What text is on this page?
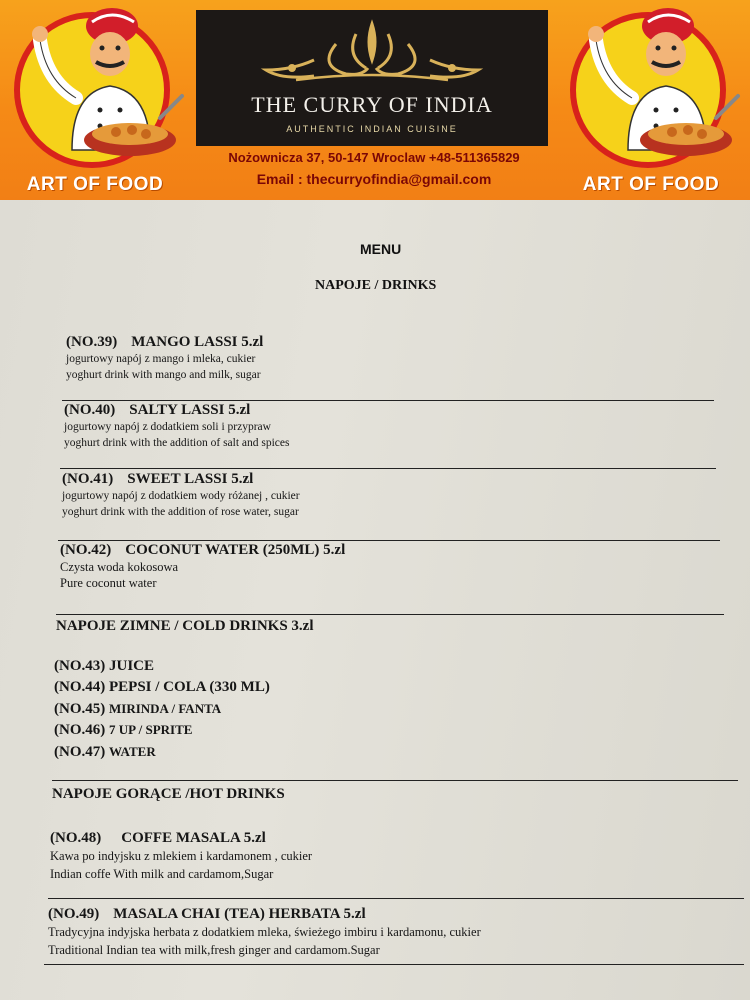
ART OF FOOD
THE CURRY OF INDIA
AUTHENTIC INDIAN CUISINE
Nożownicza 37, 50-147 Wroclaw +48-511365829
Email : thecurryofindia@gmail.com	ART OF FOOD
MENU
NAPOJE / DRINKS
(NO.39) MANGO LASSI 5.zl
jogurtowy napój z mango i mleka, cukier
yoghurt drink with mango and milk, sugar
(NO.40) SALTY LASSI 5.zl
jogurtowy napój z dodatkiem soli i przypraw
yoghurt drink with the addition of salt and spices
(NO.41) SWEET LASSI 5.zl
jogurtowy napój z dodatkiem wody różanej , cukier
yoghurt drink with the addition of rose water, sugar
(NO.42) COCONUT WATER (250ML) 5.zl
Czysta woda kokosowa
Pure coconut water
NAPOJE ZIMNE / COLD DRINKS 3.zl
(NO.43) JUICE
(NO.44) PEPSI / COLA (330 ML)
(NO.45) MIRINDA / FANTA
(NO.46) 7 UP / SPRITE
(NO.47) WATER
NAPOJE GORĄCE /HOT DRINKS
(NO.48) COFFE MASALA 5.zl
Kawa po indyjsku z mlekiem i kardamonem , cukier
Indian coffe With milk and cardamom,Sugar
(NO.49) MASALA CHAI (TEA) HERBATA 5.zl
Tradycyjna indyjska herbata z dodatkiem mleka, świeżego imbiru i kardamonu, cukier
Traditional Indian tea with milk,fresh ginger and cardamom.Sugar
